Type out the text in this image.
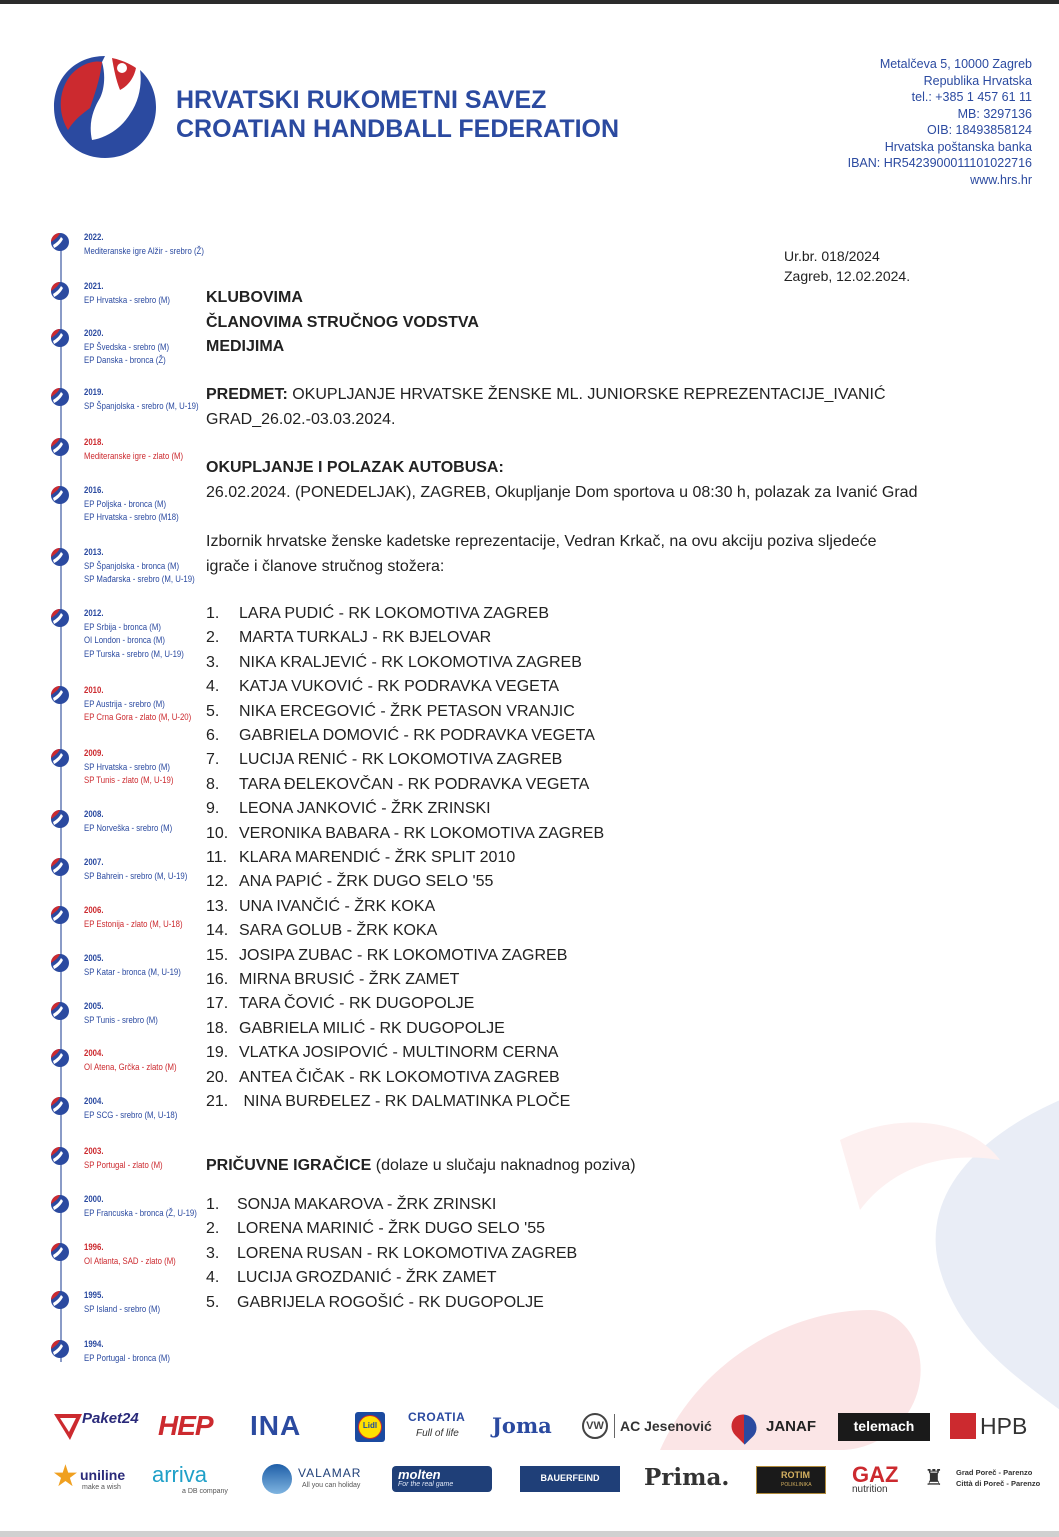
HRVATSKI RUKOMETNI SAVEZ
CROATIAN HANDBALL FEDERATION
Metalčeva 5, 10000 Zagreb
Republika Hrvatska
tel.: +385 1 457 61 11
MB: 3297136
OIB: 18493858124
Hrvatska poštanska banka
IBAN: HR5423900011101022716
www.hrs.hr
2022.
Mediteranske igre Alžir - srebro (Ž)
2021.
EP Hrvatska - srebro (M)
2020.
EP Švedska - srebro (M)
EP Danska - bronca (Ž)
2019.
SP Španjolska - srebro (M, U-19)
2018.
Mediteranske igre - zlato (M)
2016.
EP Poljska - bronca (M)
EP Hrvatska - srebro (M18)
2013.
SP Španjolska - bronca (M)
SP Mađarska - srebro (M, U-19)
2012.
EP Srbija - bronca (M)
OI London - bronca (M)
EP Turska - srebro (M, U-19)
2010.
EP Austrija - srebro (M)
EP Crna Gora - zlato (M, U-20)
2009.
SP Hrvatska - srebro (M)
SP Tunis - zlato (M, U-19)
2008.
EP Norveška - srebro (M)
2007.
SP Bahrein - srebro (M, U-19)
2006.
EP Estonija - zlato (M, U-18)
2005.
SP Katar - bronca (M, U-19)
2005.
SP Tunis - srebro (M)
2004.
OI Atena, Grčka - zlato (M)
2004.
EP SCG - srebro (M, U-18)
2003.
SP Portugal - zlato (M)
2000.
EP Francuska - bronca (Ž, U-19)
1996.
OI Atlanta, SAD - zlato (M)
1995.
SP Island - srebro (M)
1994.
EP Portugal - bronca (M)
Ur.br. 018/2024
Zagreb, 12.02.2024.
KLUBOVIMA
ČLANOVIMA STRUČNOG VODSTVA
MEDIJIMA
PREDMET: OKUPLJANJE HRVATSKE ŽENSKE ML. JUNIORSKE REPREZENTACIJE_IVANIĆ
GRAD_26.02.-03.03.2024.
OKUPLJANJE I POLAZAK AUTOBUSA:
26.02.2024. (PONEDELJAK), ZAGREB, Okupljanje Dom sportova u 08:30 h, polazak za Ivanić Grad
Izbornik hrvatske ženske kadetske reprezentacije, Vedran Krkač, na ovu akciju poziva sljedeće
igrače i članove stručnog stožera:
1. LARA PUDIĆ - RK LOKOMOTIVA ZAGREB
2. MARTA TURKALJ - RK BJELOVAR
3. NIKA KRALJEVIĆ - RK LOKOMOTIVA ZAGREB
4. KATJA VUKOVIĆ - RK PODRAVKA VEGETA
5. NIKA ERCEGOVIĆ - ŽRK PETASON VRANJIC
6. GABRIELA DOMOVIĆ - RK PODRAVKA VEGETA
7. LUCIJA RENIĆ - RK LOKOMOTIVA ZAGREB
8. TARA ĐELEKOVČAN - RK PODRAVKA VEGETA
9. LEONA JANKOVIĆ - ŽRK ZRINSKI
10. VERONIKA BABARA - RK LOKOMOTIVA ZAGREB
11. KLARA MARENDIĆ - ŽRK SPLIT 2010
12. ANA PAPIĆ - ŽRK DUGO SELO '55
13. UNA IVANČIĆ - ŽRK KOKA
14. SARA GOLUB - ŽRK KOKA
15. JOSIPA ZUBAC - RK LOKOMOTIVA ZAGREB
16. MIRNA BRUSIĆ - ŽRK ZAMET
17. TARA ČOVIĆ - RK DUGOPOLJE
18. GABRIELA MILIĆ - RK DUGOPOLJE
19. VLATKA JOSIPOVIĆ - MULTINORM CERNA
20. ANTEA ČIČAK - RK LOKOMOTIVA ZAGREB
21. NINA BURĐELEZ - RK DALMATINKA PLOČE
PRIČUVNE IGRAČICE (dolaze u slučaju naknadnog poziva)
1. SONJA MAKAROVA - ŽRK ZRINSKI
2. LORENA MARINIĆ - ŽRK DUGO SELO '55
3. LORENA RUSAN - RK LOKOMOTIVA ZAGREB
4. LUCIJA GROZDANIĆ - ŽRK ZAMET
5. GABRIJELA ROGOŠIĆ - RK DUGOPOLJE
Paket24 HEP INA	Lidl
CROATIA
Full of life Joma	VW AC Jesenović	JANAF	telemach	HPB
★ uniline
make a wish
arriva
a DB company
VALAMAR
All you can holiday
molten
For the real game
BAUERFEIND	Prima.	ROTIM
POLIKLINIKA GAZ
nutrition ♜ Grad Poreč - Parenzo
Città di Poreč - Parenzo
